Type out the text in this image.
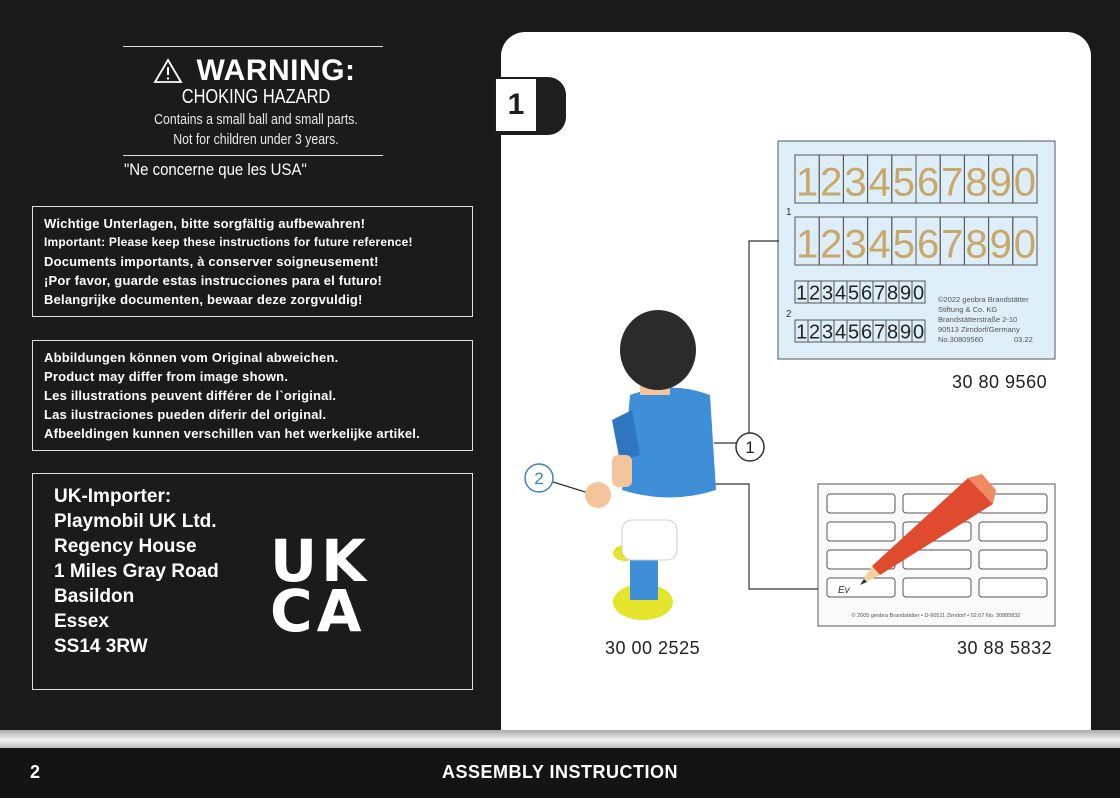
WARNING:
CHOKING HAZARD
Contains a small ball and small parts.
Not for children under 3 years.
"Ne concerne que les USA"
Wichtige Unterlagen, bitte sorgfältig aufbewahren!
Important: Please keep these instructions for future reference!
Documents importants, à conserver soigneusement!
¡Por favor, guarde estas instrucciones para el futuro!
Belangrijke documenten, bewaar deze zorgvuldig!
Abbildungen können vom Original abweichen.
Product may differ from image shown.
Les illustrations peuvent différer de l`original.
Las ilustraciones pueden diferir del original.
Afbeeldingen kunnen verschillen van het werkelijke artikel.
UK-Importer:
Playmobil UK Ltd.
Regency House
1 Miles Gray Road
Basildon
Essex
SS14 3RW
UK
CA
1
1 2 3 4 5 6 7 8 9 0
1 2 3 4 5 6 7 8 9 0
1 2 3 4 5 6 7 8 9 0
1 2 3 4 5 6 7 8 9 0
1
2
©2022 geobra Brandstätter
Stiftung & Co. KG
Brandstätterstraße 2-10
90513 Zirndorf/Germany
No.30809560	03.22
1
2
Ev
© 2005 geobra Brandstätter • D-90511 Zirndorf • 02.07 No. 30885832
30 80 9560
30 00 2525	30 88 5832
2	ASSEMBLY INSTRUCTION
